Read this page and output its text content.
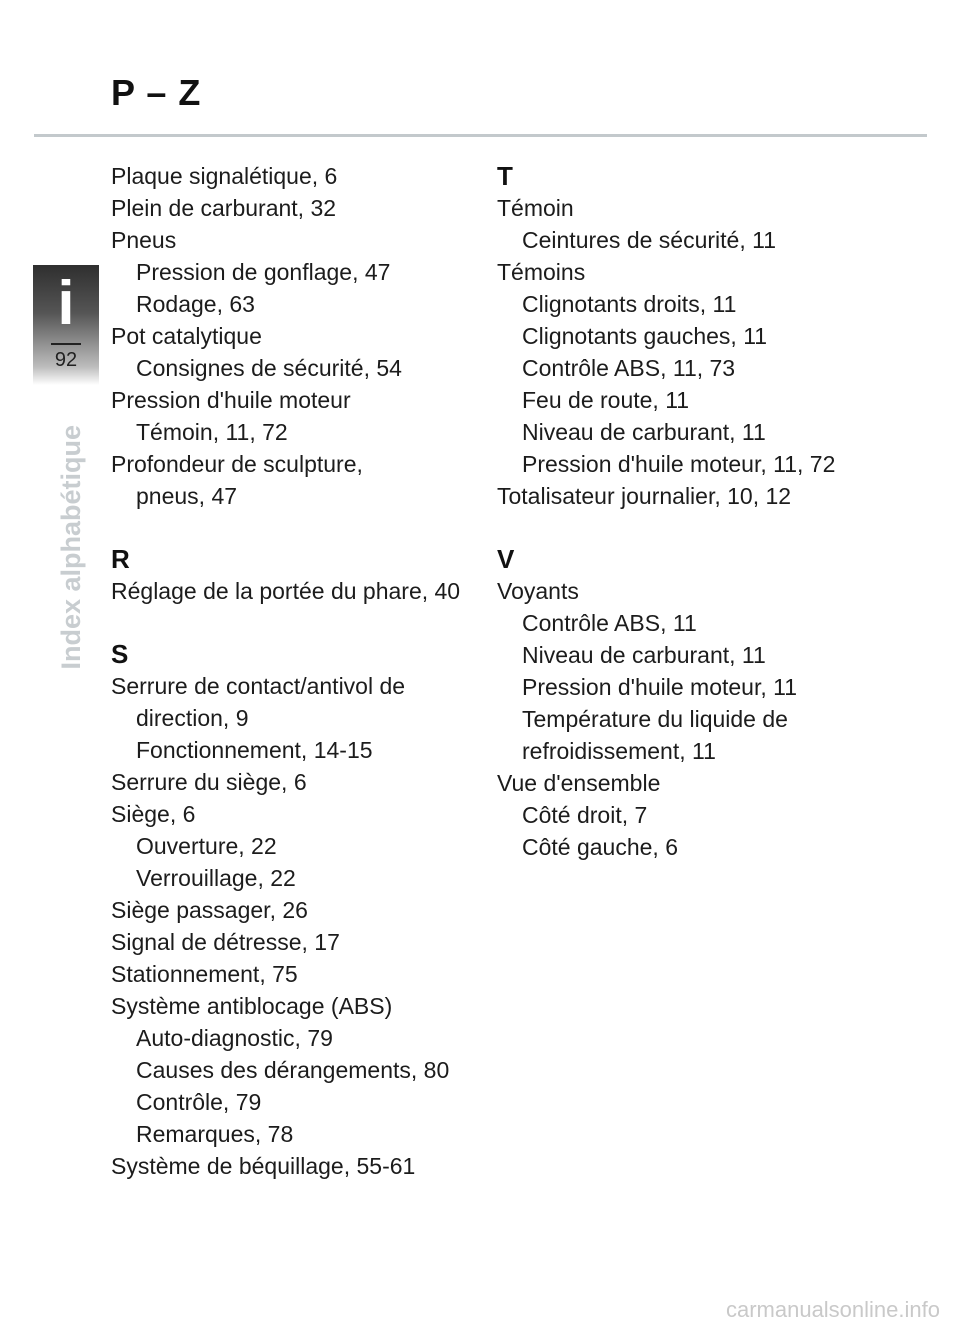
P – Z
i
92
Index alphabétique
Plaque signalétique, 6
Plein de carburant, 32
Pneus
Pression de gonflage, 47
Rodage, 63
Pot catalytique
Consignes de sécurité, 54
Pression d'huile moteur
Témoin, 11, 72
Profondeur de sculpture,
pneus, 47
R
Réglage de la portée du phare, 40
S
Serrure de contact/antivol de
direction, 9
Fonctionnement, 14-15
Serrure du siège, 6
Siège, 6
Ouverture, 22
Verrouillage, 22
Siège passager, 26
Signal de détresse, 17
Stationnement, 75
Système antiblocage (ABS)
Auto-diagnostic, 79
Causes des dérangements, 80
Contrôle, 79
Remarques, 78
Système de béquillage, 55-61
T
Témoin
Ceintures de sécurité, 11
Témoins
Clignotants droits, 11
Clignotants gauches, 11
Contrôle ABS, 11, 73
Feu de route, 11
Niveau de carburant, 11
Pression d'huile moteur, 11, 72
Totalisateur journalier, 10, 12
V
Voyants
Contrôle ABS, 11
Niveau de carburant, 11
Pression d'huile moteur, 11
Température du liquide de
refroidissement, 11
Vue d'ensemble
Côté droit, 7
Côté gauche, 6
carmanualsonline.info
